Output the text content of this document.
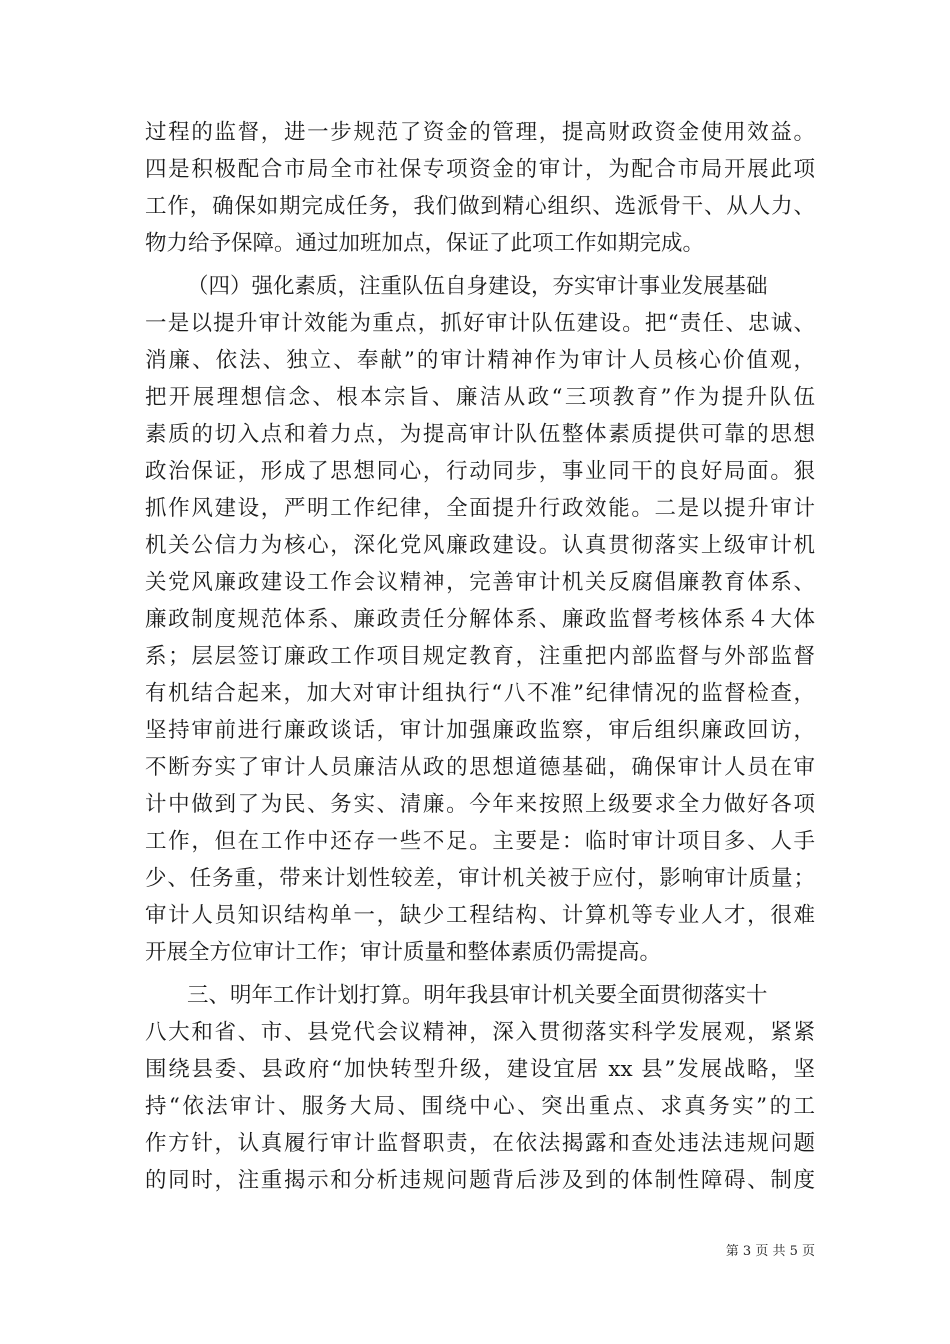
过程的监督，进一步规范了资金的管理，提高财政资金使用效益。
四是积极配合市局全市社保专项资金的审计，为配合市局开展此项
工作，确保如期完成任务，我们做到精心组织、选派骨干、从人力、
物力给予保障。通过加班加点，保证了此项工作如期完成。
（四）强化素质，注重队伍自身建设，夯实审计事业发展基础
一是以提升审计效能为重点，抓好审计队伍建设。把“责任、忠诚、
消廉、依法、独立、奉献”的审计精神作为审计人员核心价值观，
把开展理想信念、根本宗旨、廉洁从政“三项教育”作为提升队伍
素质的切入点和着力点，为提高审计队伍整体素质提供可靠的思想
政治保证，形成了思想同心，行动同步，事业同干的良好局面。狠
抓作风建设，严明工作纪律，全面提升行政效能。二是以提升审计
机关公信力为核心，深化党风廉政建设。认真贯彻落实上级审计机
关党风廉政建设工作会议精神，完善审计机关反腐倡廉教育体系、
廉政制度规范体系、廉政责任分解体系、廉政监督考核体系４大体
系；层层签订廉政工作项目规定教育，注重把内部监督与外部监督
有机结合起来，加大对审计组执行“八不准”纪律情况的监督检查，
坚持审前进行廉政谈话，审计加强廉政监察，审后组织廉政回访，
不断夯实了审计人员廉洁从政的思想道德基础，确保审计人员在审
计中做到了为民、务实、清廉。今年来按照上级要求全力做好各项
工作，但在工作中还存一些不足。主要是：临时审计项目多、人手
少、任务重，带来计划性较差，审计机关被于应付，影响审计质量；
审计人员知识结构单一，缺少工程结构、计算机等专业人才，很难
开展全方位审计工作；审计质量和整体素质仍需提高。
三、明年工作计划打算。明年我县审计机关要全面贯彻落实十
八大和省、市、县党代会议精神，深入贯彻落实科学发展观，紧紧
围绕县委、县政府“加快转型升级，建设宜居 xx 县”发展战略，坚
持“依法审计、服务大局、围绕中心、突出重点、求真务实”的工
作方针，认真履行审计监督职责，在依法揭露和查处违法违规问题
的同时，注重揭示和分析违规问题背后涉及到的体制性障碍、制度
第 3 页 共 5 页
